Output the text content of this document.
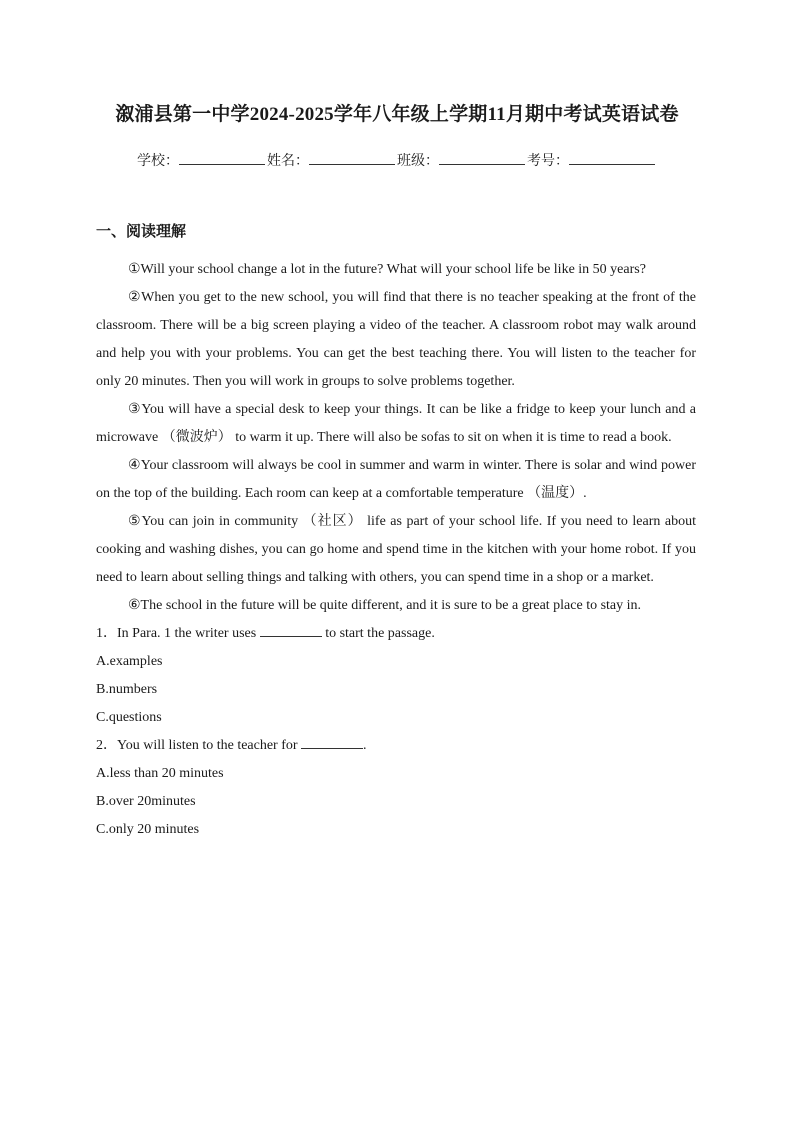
溆浦县第一中学2024-2025学年八年级上学期11月期中考试英语试卷
学校：	姓名：	班级：	考号：
一、阅读理解

①Will your school change a lot in the future? What will your school life be like in 50 years?

②When you get to the new school, you will find that there is no teacher speaking at the front of the classroom. There will be a big screen playing a video of the teacher. A classroom robot may walk around and help you with your problems. You can get the best teaching there. You will listen to the teacher for only 20 minutes. Then you will work in groups to solve problems together.

③You will have a special desk to keep your things. It can be like a fridge to keep your lunch and a microwave （微波炉） to warm it up. There will also be sofas to sit on when it is time to read a book.

④Your classroom will always be cool in summer and warm in winter. There is solar and wind power on the top of the building. Each room can keep at a comfortable temperature （温度）.

⑤You can join in community （社区） life as part of your school life. If you need to learn about cooking and washing dishes, you can go home and spend time in the kitchen with your home robot. If you need to learn about selling things and talking with others, you can spend time in a shop or a market.

⑥The school in the future will be quite different, and it is sure to be a great place to stay in.

1．In Para. 1 the writer uses	to start the passage.

A.examples

B.numbers

C.questions

2．You will listen to the teacher for	.

A.less than 20 minutes

B.over 20minutes

C.only 20 minutes
